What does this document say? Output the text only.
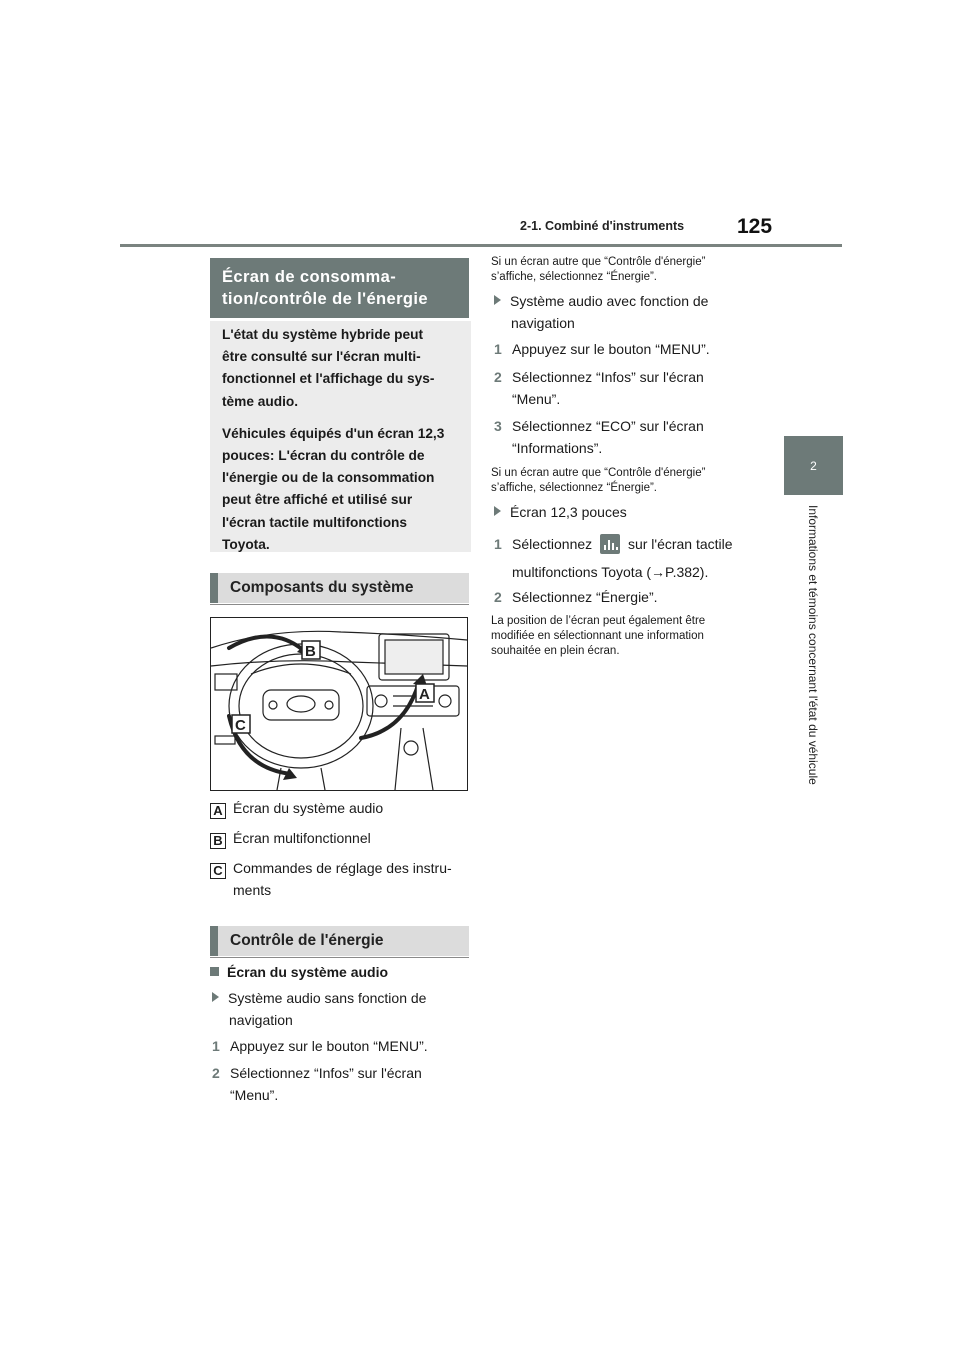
2-1. Combiné d'instruments	125
2
Informations et témoins concernant l'état du véhicule
Écran de consomma-
tion/contrôle de l'énergie

L'état du système hybride peut
être consulté sur l'écran multi-
fonctionnel et l'affichage du sys-
tème audio.

Véhicules équipés d'un écran 12,3
pouces: L'écran du contrôle de
l'énergie ou de la consommation
peut être affiché et utilisé sur
l'écran tactile multifonctions
Toyota.

Composants du système
B
A
C
A Écran du système audio
B Écran multifonctionnel
C Commandes de réglage des instru-
ments
Contrôle de l'énergie
Écran du système audio
Système audio sans fonction de
navigation
1 Appuyez sur le bouton “MENU”.
2 Sélectionnez “Infos” sur l'écran
“Menu”.
Si un écran autre que “Contrôle d'énergie”
s’affiche, sélectionnez “Énergie”.
Système audio avec fonction de
navigation
1 Appuyez sur le bouton “MENU”.
2 Sélectionnez “Infos” sur l'écran
“Menu”.
3 Sélectionnez “ECO” sur l'écran
“Informations”.
Si un écran autre que “Contrôle d'énergie”
s’affiche, sélectionnez “Énergie”.
Écran 12,3 pouces
1 Sélectionnez	sur l'écran tactile
multifonctions Toyota (→P.382).
2 Sélectionnez “Énergie”.
La position de l’écran peut également être
modifiée en sélectionnant une information
souhaitée en plein écran.
